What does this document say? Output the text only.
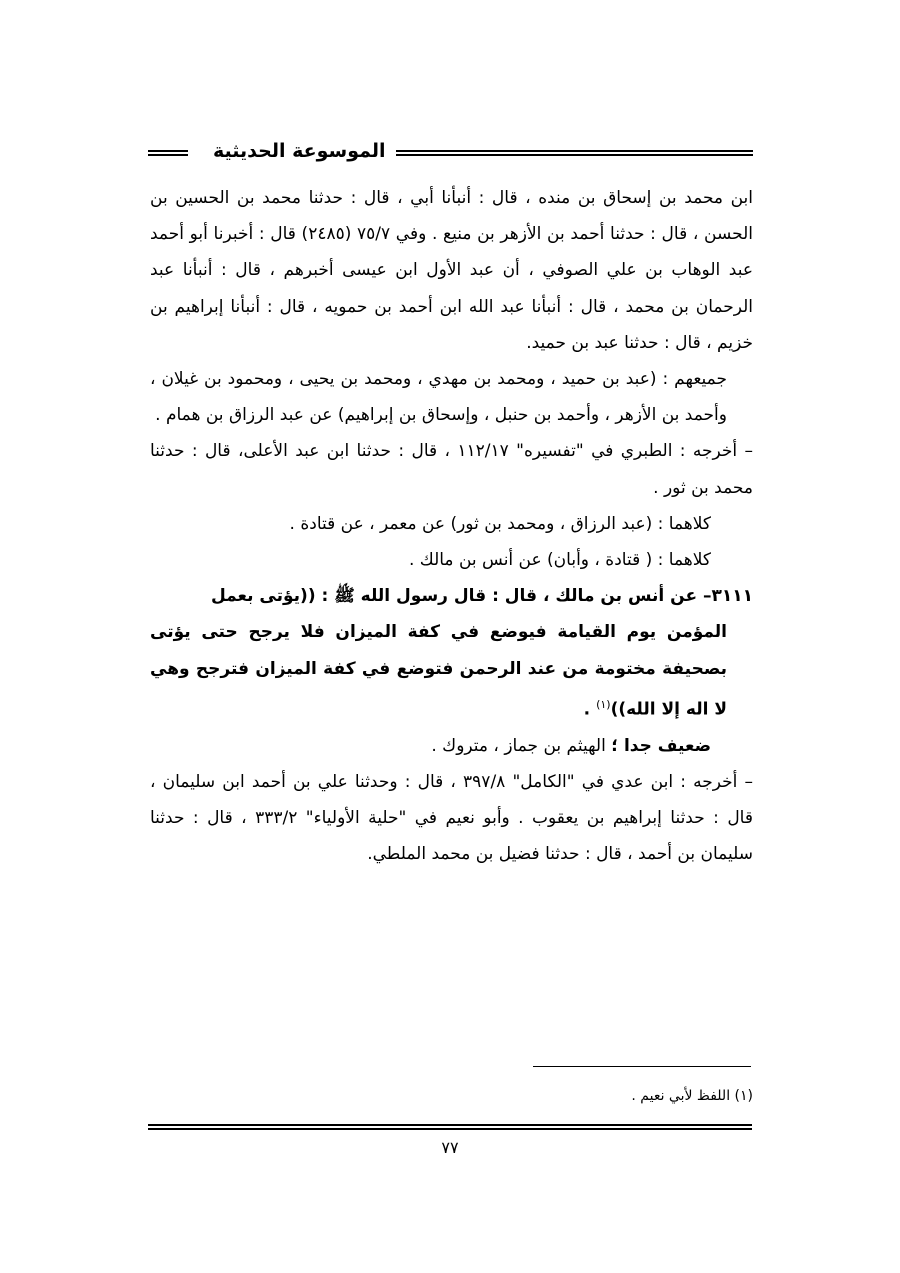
الموسوعة الحديثية

ابن محمد بن إسحاق بن منده ، قال : أنبأنا أبي ، قال : حدثنا محمد بن الحسين بن الحسن ، قال : حدثنا أحمد بن الأزهر بن منيع . وفي ٧٥/٧ (٢٤٨٥) قال : أخبرنا أبو أحمد عبد الوهاب بن علي الصوفي ، أن عبد الأول ابن عيسى أخبرهم ، قال : أنبأنا عبد الرحمان بن محمد ، قال : أنبأنا عبد الله ابن أحمد بن حمويه ، قال : أنبأنا إبراهيم بن خزيم ، قال : حدثنا عبد بن حميد.

جميعهم : (عبد بن حميد ، ومحمد بن مهدي ، ومحمد بن يحيى ، ومحمود بن غيلان ، وأحمد بن الأزهر ، وأحمد بن حنبل ، وإسحاق بن إبراهيم) عن عبد الرزاق بن همام .

– أخرجه : الطبري في "تفسيره" ١١٢/١٧ ، قال : حدثنا ابن عبد الأعلى، قال : حدثنا محمد بن ثور .

كلاهما : (عبد الرزاق ، ومحمد بن ثور) عن معمر ، عن قتادة .

كلاهما : ( قتادة ، وأبان) عن أنس بن مالك .

٣١١١– عن أنس بن مالك ، قال : قال رسول الله ﷺ : ((يؤتى بعمل

المؤمن يوم القيامة فيوضع في كفة الميزان فلا يرجح حتى يؤتى بصحيفة مختومة من عند الرحمن فتوضع في كفة الميزان فترجح وهي لا اله إلا الله))$^{(١)}$ .

ضعيف جدا ؛ الهيثم بن جماز ، متروك .

– أخرجه : ابن عدي في "الكامل" ٣٩٧/٨ ، قال : وحدثنا علي بن أحمد ابن سليمان ، قال : حدثنا إبراهيم بن يعقوب . وأبو نعيم في "حلية الأولياء" ٣٣٣/٢ ، قال : حدثنا سليمان بن أحمد ، قال : حدثنا فضيل بن محمد الملطي.

(١) اللفظ لأبي نعيم .
٧٧
